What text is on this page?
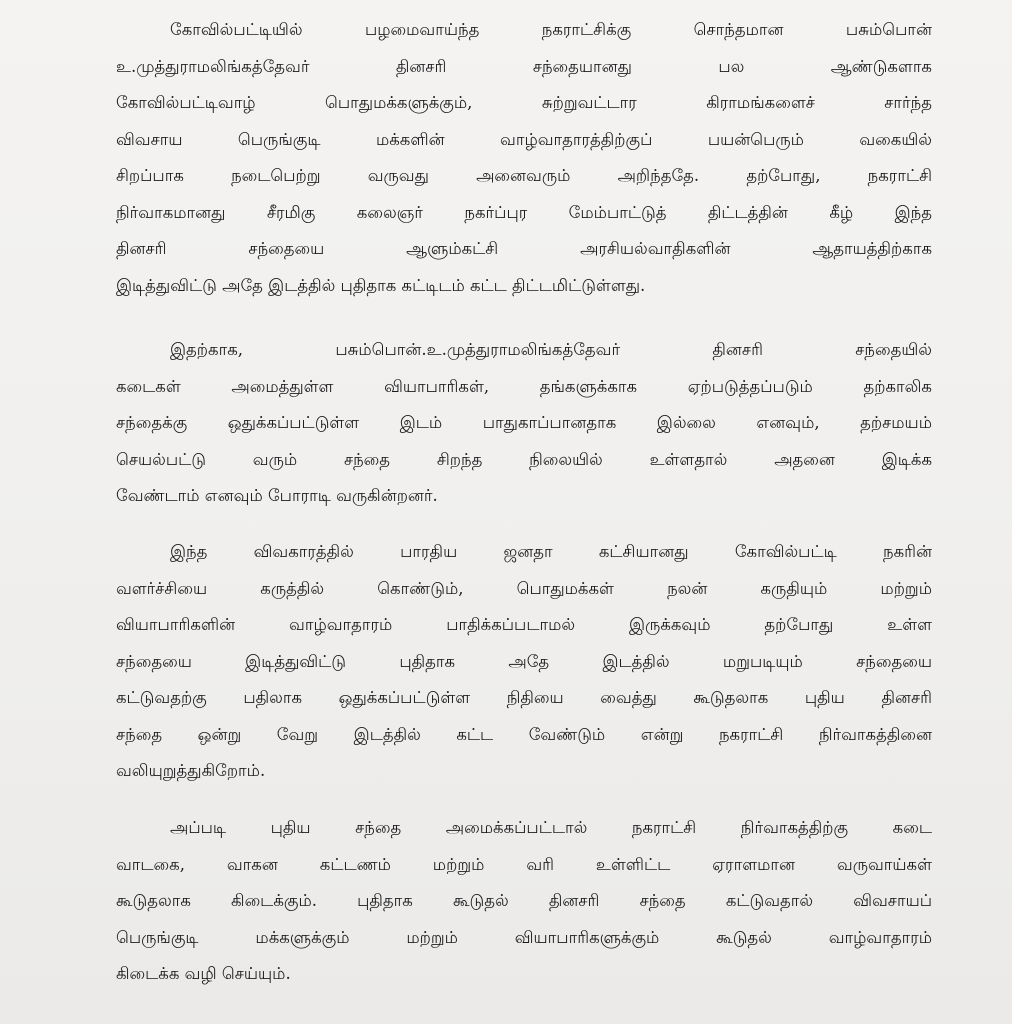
கோவில்பட்டியில் பழமைவாய்ந்த நகராட்சிக்கு சொந்தமான பசும்பொன்
உ.முத்துராமலிங்கத்தேவர் தினசரி சந்தையானது பல ஆண்டுகளாக
கோவில்பட்டிவாழ் பொதுமக்களுக்கும், சுற்றுவட்டார கிராமங்களைச் சார்ந்த
விவசாய பெருங்குடி மக்களின் வாழ்வாதாரத்திற்குப் பயன்பெரும் வகையில்
சிறப்பாக நடைபெற்று வருவது அனைவரும் அறிந்ததே. தற்போது, நகராட்சி
நிர்வாகமானது சீரமிகு கலைஞர் நகர்ப்புர மேம்பாட்டுத் திட்டத்தின் கீழ் இந்த
தினசரி சந்தையை ஆளும்கட்சி அரசியல்வாதிகளின் ஆதாயத்திற்காக
இடித்துவிட்டு அதே இடத்தில் புதிதாக கட்டிடம் கட்ட திட்டமிட்டுள்ளது.
இதற்காக, பசும்பொன்.உ.முத்துராமலிங்கத்தேவர் தினசரி சந்தையில்
கடைகள் அமைத்துள்ள வியாபாரிகள், தங்களுக்காக ஏற்படுத்தப்படும் தற்காலிக
சந்தைக்கு ஒதுக்கப்பட்டுள்ள இடம் பாதுகாப்பானதாக இல்லை எனவும், தற்சமயம்
செயல்பட்டு வரும் சந்தை சிறந்த நிலையில் உள்ளதால் அதனை இடிக்க
வேண்டாம் எனவும் போராடி வருகின்றனர்.
இந்த விவகாரத்தில் பாரதிய ஜனதா கட்சியானது கோவில்பட்டி நகரின்
வளர்ச்சியை கருத்தில் கொண்டும், பொதுமக்கள் நலன் கருதியும் மற்றும்
வியாபாரிகளின் வாழ்வாதாரம் பாதிக்கப்படாமல் இருக்கவும் தற்போது உள்ள
சந்தையை இடித்துவிட்டு புதிதாக அதே இடத்தில் மறுபடியும் சந்தையை
கட்டுவதற்கு பதிலாக ஒதுக்கப்பட்டுள்ள நிதியை வைத்து கூடுதலாக புதிய தினசரி
சந்தை ஒன்று வேறு இடத்தில் கட்ட வேண்டும் என்று நகராட்சி நிர்வாகத்தினை
வலியுறுத்துகிறோம்.
அப்படி புதிய சந்தை அமைக்கப்பட்டால் நகராட்சி நிர்வாகத்திற்கு கடை
வாடகை, வாகன கட்டணம் மற்றும் வரி உள்ளிட்ட ஏராளமான வருவாய்கள்
கூடுதலாக கிடைக்கும். புதிதாக கூடுதல் தினசரி சந்தை கட்டுவதால் விவசாயப்
பெருங்குடி மக்களுக்கும் மற்றும் வியாபாரிகளுக்கும் கூடுதல் வாழ்வாதாரம்
கிடைக்க வழி செய்யும்.
